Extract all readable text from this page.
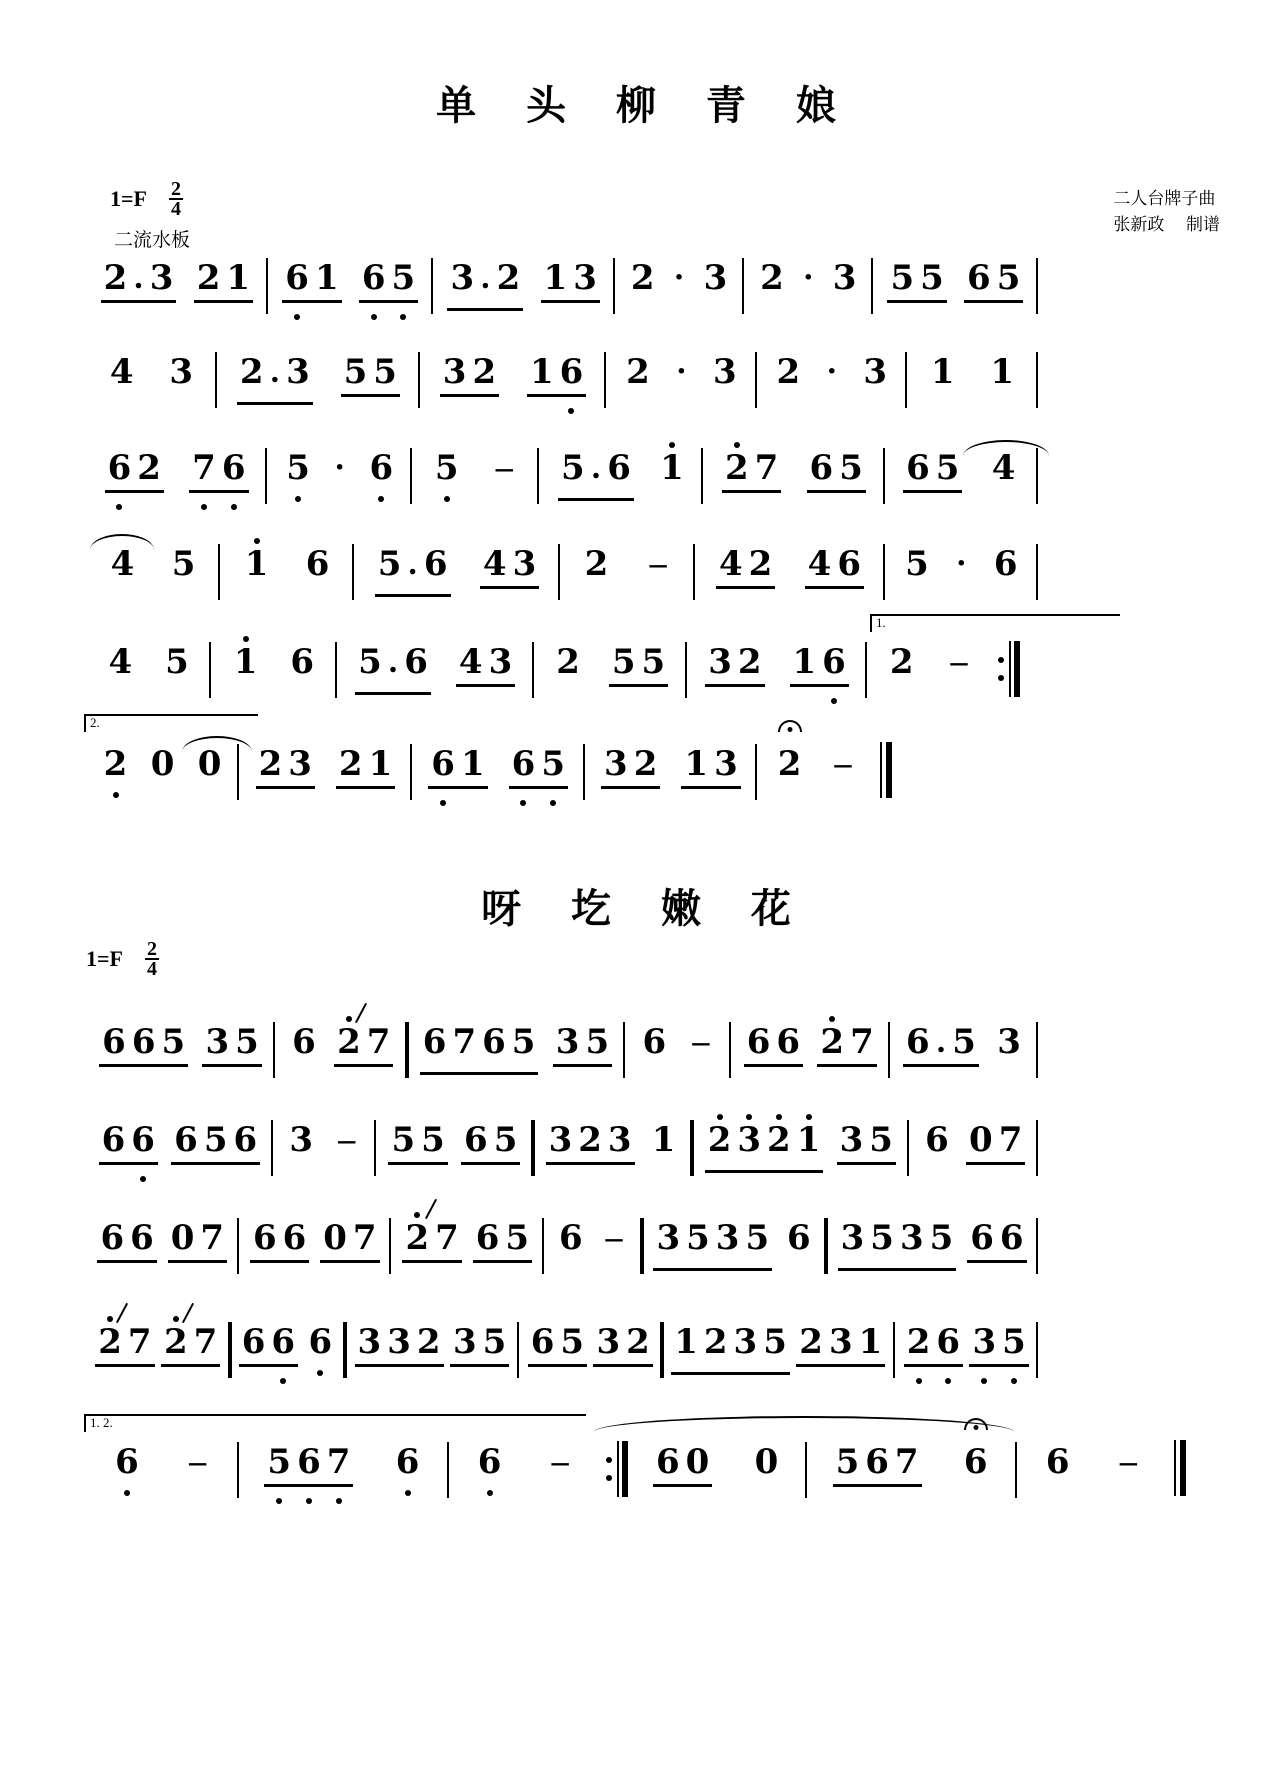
单 头 柳 青 娘
$1=F \frac{2}{4}$
二流水板
二人台牌子曲
张新政    制谱
2 . 3 2 1 6 1 6 5 3 . 2 1 3 2 · 3 2 · 3 5 5 6 5
4 3 2 . 3 5 5 3 2 1 6 2 · 3 2 · 3 1 1
6 2 7 6 5 · 6 5 – 5 . 6 1 2 7 6 5 6 5 4
4 5 1 6 5 . 6 4 3 2 – 4 2 4 6 5 · 6
1.
4 5 1 6 5 . 6 4 3 2 5 5 3 2 1 6 2 –
2.
2 0 0 2 3 2 1 6 1 6 5 3 2 1 3 2 –
呀 圪 嫩 花
$1=F \frac{2}{4}$
6 6 5 3 5 6 2 7 6 7 6 5 3 5 6 – 6 6 2 7 6 . 5 3
6 6 6 5 6 3 – 5 5 6 5 3 2 3 1 2 3 2 1 3 5 6 0 7
6 6 0 7 6 6 0 7 2 7 6 5 6 – 3 5 3 5 6 3 5 3 5 6 6
2 7 2 7 6 6 6 3 3 2 3 5 6 5 3 2 1 2 3 5 2 3 1 2 6 3 5
1. 2.
6 – 5 6 7 6 6 –	6 0 0 5 6 7 6 6 –
